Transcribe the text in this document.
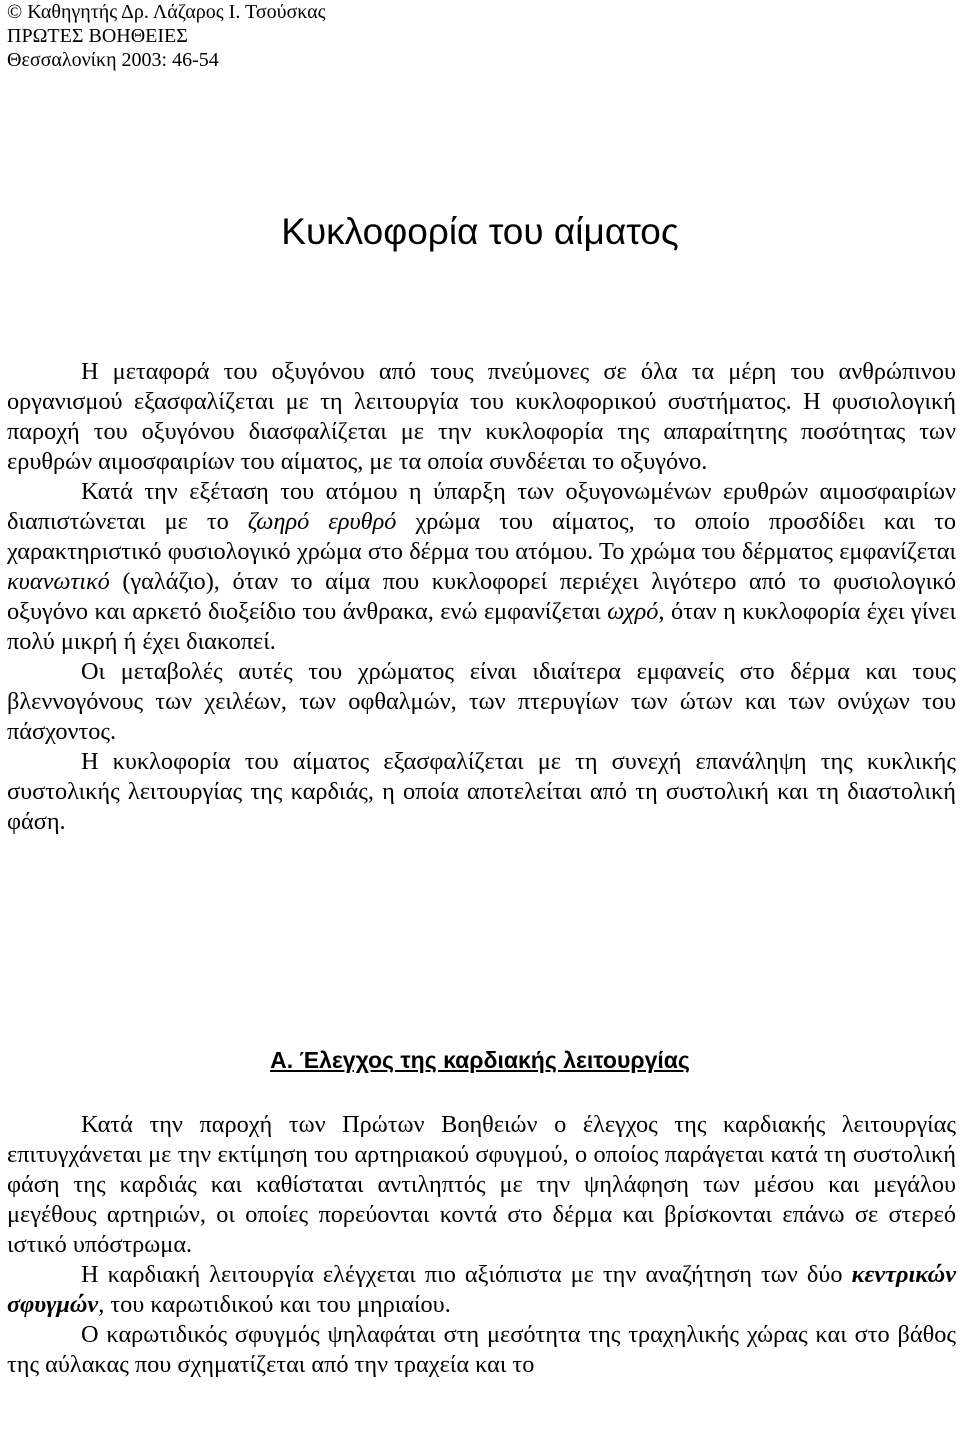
© Καθηγητής Δρ. Λάζαρος Ι. Τσούσκας
ΠΡΩΤΕΣ ΒΟΗΘΕΙΕΣ
Θεσσαλονίκη 2003: 46-54
Κυκλοφορία του αίματος

Η μεταφορά του οξυγόνου από τους πνεύμονες σε όλα τα μέρη του ανθρώπινου οργανισμού εξασφαλίζεται με τη λειτουργία του κυκλοφορικού συστήματος. Η φυσιολογική παροχή του οξυγόνου διασφαλίζεται με την κυκλοφορία της απαραίτητης ποσότητας των ερυθρών αιμοσφαιρίων του αίματος, με τα οποία συνδέεται το οξυγόνο.

Κατά την εξέταση του ατόμου η ύπαρξη των οξυγονωμένων ερυθρών αιμοσφαιρίων διαπιστώνεται με το ζωηρό ερυθρό χρώμα του αίματος, το οποίο προσδίδει και το χαρακτηριστικό φυσιολογικό χρώμα στο δέρμα του ατόμου. Το χρώμα του δέρματος εμφανίζεται κυανωτικό (γαλάζιο), όταν το αίμα που κυκλοφορεί περιέχει λιγότερο από το φυσιολογικό οξυγόνο και αρκετό διοξείδιο του άνθρακα, ενώ εμφανίζεται ωχρό, όταν η κυκλοφορία έχει γίνει πολύ μικρή ή έχει διακοπεί.

Οι μεταβολές αυτές του χρώματος είναι ιδιαίτερα εμφανείς στο δέρμα και τους βλεννογόνους των χειλέων, των οφθαλμών, των πτερυγίων των ώτων και των ονύχων του πάσχοντος.

Η κυκλοφορία του αίματος εξασφαλίζεται με τη συνεχή επανάληψη της κυκλικής συστολικής λειτουργίας της καρδιάς, η οποία αποτελείται από τη συστολική και τη διαστολική φάση.

Α. Έλεγχος της καρδιακής λειτουργίας

Κατά την παροχή των Πρώτων Βοηθειών ο έλεγχος της καρδιακής λειτουργίας επιτυγχάνεται με την εκτίμηση του αρτηριακού σφυγμού, ο οποίος παράγεται κατά τη συστολική φάση της καρδιάς και καθίσταται αντιληπτός με την ψηλάφηση των μέσου και μεγάλου μεγέθους αρτηριών, οι οποίες πορεύονται κοντά στο δέρμα και βρίσκονται επάνω σε στερεό ιστικό υπόστρωμα.

Η καρδιακή λειτουργία ελέγχεται πιο αξιόπιστα με την αναζήτηση των δύο κεντρικών σφυγμών, του καρωτιδικού και του μηριαίου.

Ο καρωτιδικός σφυγμός ψηλαφάται στη μεσότητα της τραχηλικής χώρας και στο βάθος της αύλακας που σχηματίζεται από την τραχεία και το
